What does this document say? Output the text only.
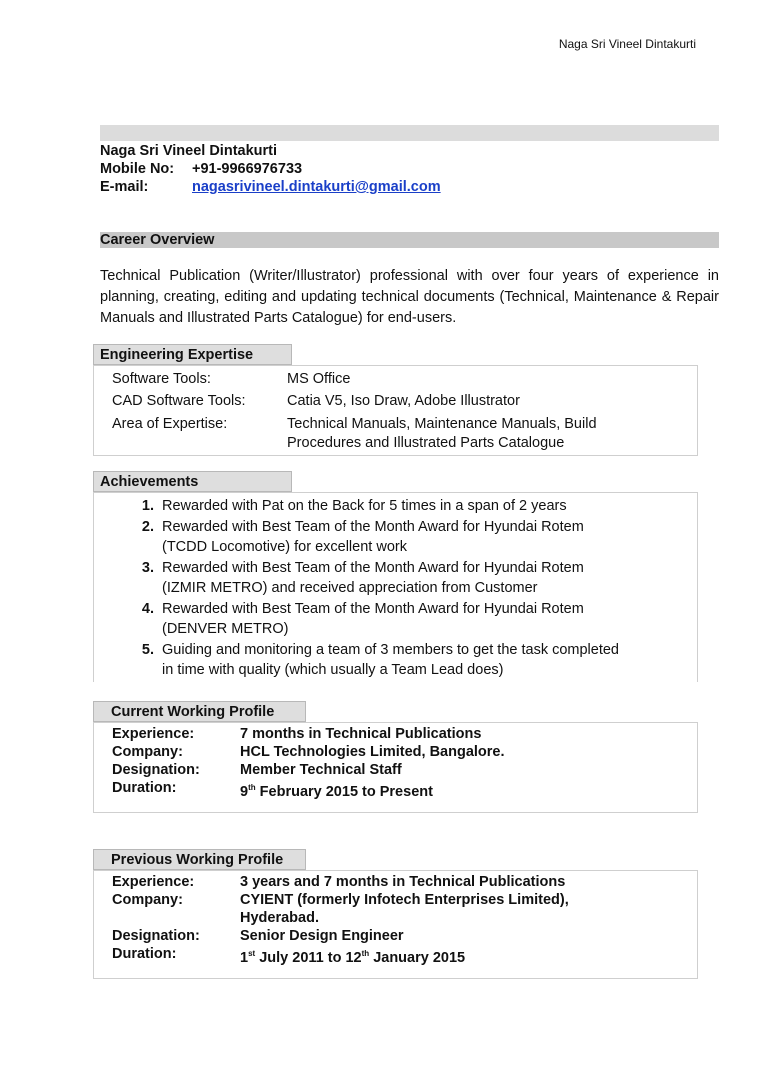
Naga Sri Vineel Dintakurti
Naga Sri Vineel Dintakurti
Mobile No: +91-9966976733
E-mail:	nagasrivineel.dintakurti@gmail.com
Career Overview
Technical Publication (Writer/Illustrator) professional with over four years of experience in planning, creating, editing and updating technical documents (Technical, Maintenance & Repair Manuals and Illustrated Parts Catalogue) for end-users.
Engineering Expertise
Software Tools:	MS Office
CAD Software Tools:	Catia V5, Iso Draw, Adobe Illustrator
Area of Expertise:	Technical Manuals, Maintenance Manuals, Build Procedures and Illustrated Parts Catalogue
Achievements
1. Rewarded with Pat on the Back for 5 times in a span of 2 years
2. Rewarded with Best Team of the Month Award for Hyundai Rotem (TCDD Locomotive) for excellent work
3. Rewarded with Best Team of the Month Award for Hyundai Rotem (IZMIR METRO) and received appreciation from Customer
4. Rewarded with Best Team of the Month Award for Hyundai Rotem (DENVER METRO)
5. Guiding and monitoring a team of 3 members to get the task completed in time with quality (which usually a Team Lead does)
Current Working Profile
Experience:	7 months in Technical Publications
Company:	HCL Technologies Limited, Bangalore.
Designation:	Member Technical Staff
Duration:	9th February 2015 to Present
Previous Working Profile
Experience:	3 years and 7 months in Technical Publications
Company:	CYIENT (formerly Infotech Enterprises Limited), Hyderabad.
Designation:	Senior Design Engineer
Duration:	1st July 2011 to 12th January 2015
